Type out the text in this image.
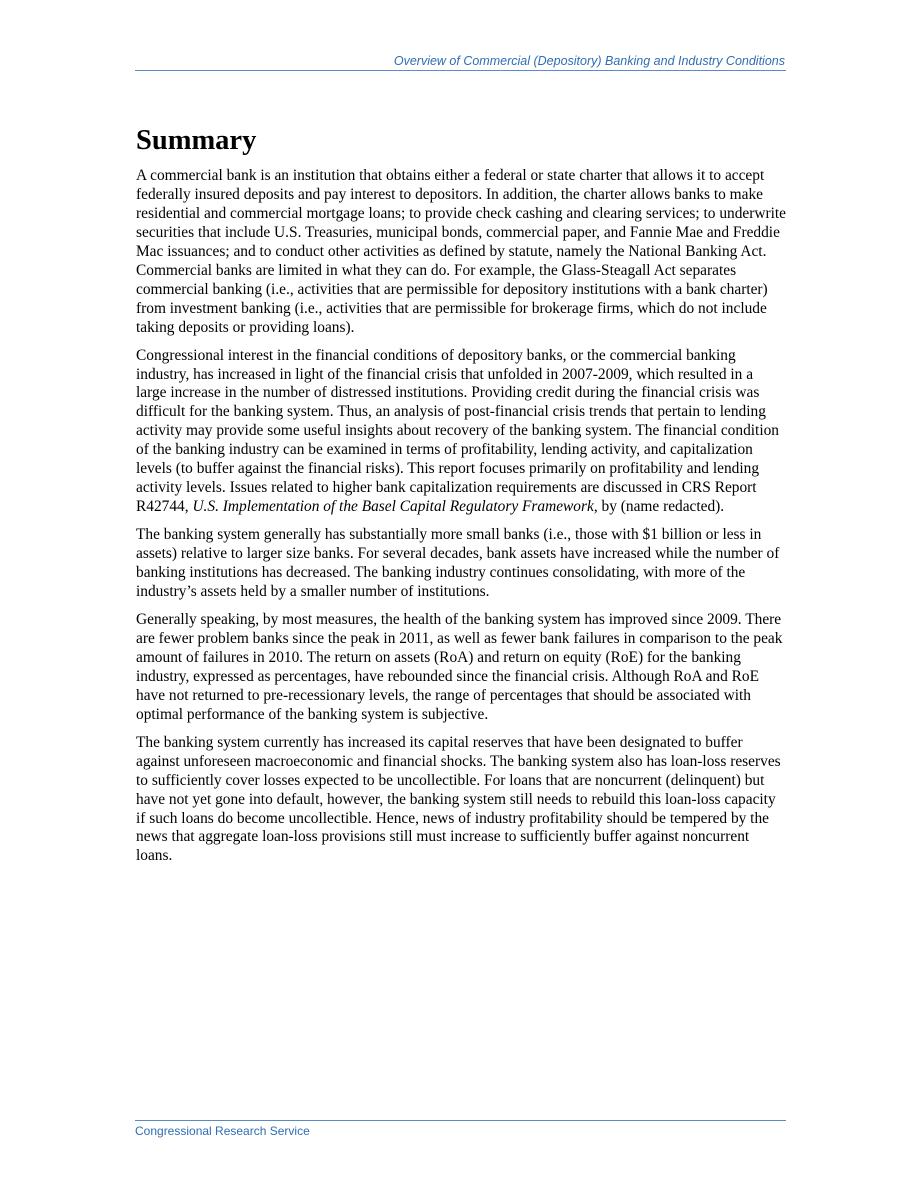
Overview of Commercial (Depository) Banking and Industry Conditions
Summary

A commercial bank is an institution that obtains either a federal or state charter that allows it to accept federally insured deposits and pay interest to depositors. In addition, the charter allows banks to make residential and commercial mortgage loans; to provide check cashing and clearing services; to underwrite securities that include U.S. Treasuries, municipal bonds, commercial paper, and Fannie Mae and Freddie Mac issuances; and to conduct other activities as defined by statute, namely the National Banking Act. Commercial banks are limited in what they can do. For example, the Glass-Steagall Act separates commercial banking (i.e., activities that are permissible for depository institutions with a bank charter) from investment banking (i.e., activities that are permissible for brokerage firms, which do not include taking deposits or providing loans).

Congressional interest in the financial conditions of depository banks, or the commercial banking industry, has increased in light of the financial crisis that unfolded in 2007-2009, which resulted in a large increase in the number of distressed institutions. Providing credit during the financial crisis was difficult for the banking system. Thus, an analysis of post-financial crisis trends that pertain to lending activity may provide some useful insights about recovery of the banking system. The financial condition of the banking industry can be examined in terms of profitability, lending activity, and capitalization levels (to buffer against the financial risks). This report focuses primarily on profitability and lending activity levels. Issues related to higher bank capitalization requirements are discussed in CRS Report R42744, U.S. Implementation of the Basel Capital Regulatory Framework, by (name redacted).

The banking system generally has substantially more small banks (i.e., those with $1 billion or less in assets) relative to larger size banks. For several decades, bank assets have increased while the number of banking institutions has decreased. The banking industry continues consolidating, with more of the industry’s assets held by a smaller number of institutions.

Generally speaking, by most measures, the health of the banking system has improved since 2009. There are fewer problem banks since the peak in 2011, as well as fewer bank failures in comparison to the peak amount of failures in 2010. The return on assets (RoA) and return on equity (RoE) for the banking industry, expressed as percentages, have rebounded since the financial crisis. Although RoA and RoE have not returned to pre-recessionary levels, the range of percentages that should be associated with optimal performance of the banking system is subjective.

The banking system currently has increased its capital reserves that have been designated to buffer against unforeseen macroeconomic and financial shocks. The banking system also has loan-loss reserves to sufficiently cover losses expected to be uncollectible. For loans that are noncurrent (delinquent) but have not yet gone into default, however, the banking system still needs to rebuild this loan-loss capacity if such loans do become uncollectible. Hence, news of industry profitability should be tempered by the news that aggregate loan-loss provisions still must increase to sufficiently buffer against noncurrent loans.

Congressional Research Service
